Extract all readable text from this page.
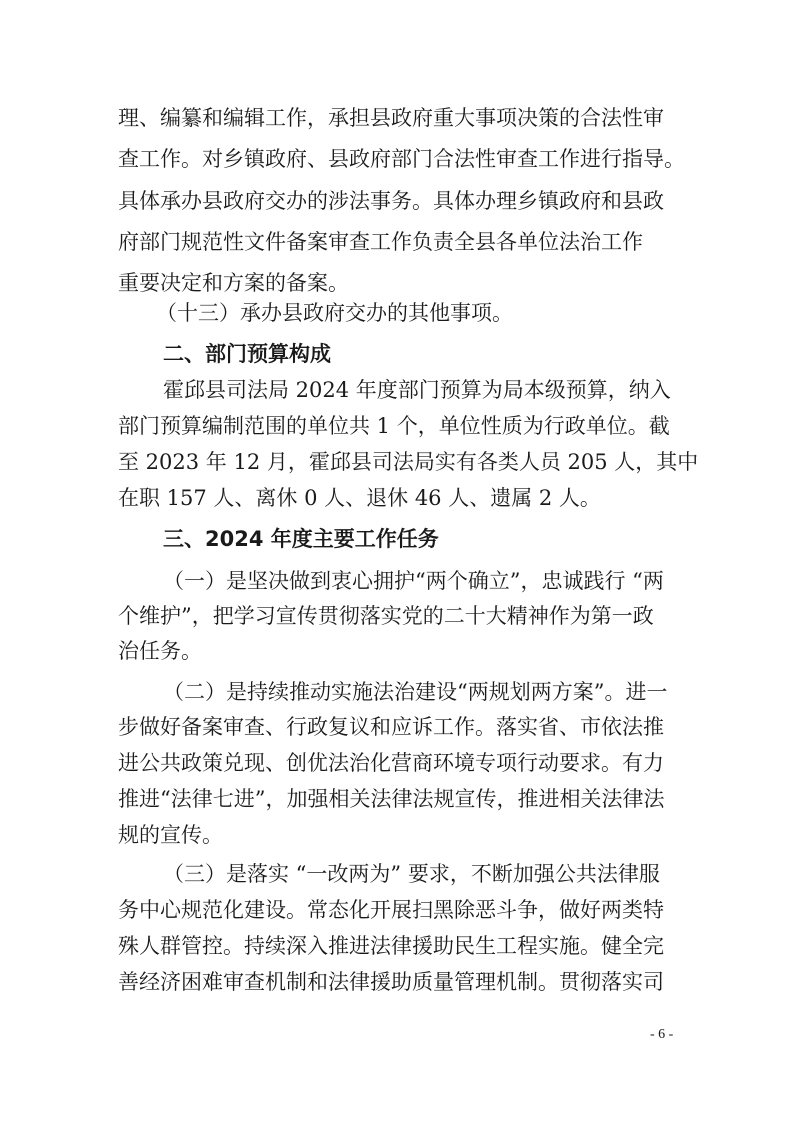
理、编纂和编辑工作，承担县政府重大事项决策的合法性审
查工作。对乡镇政府、县政府部门合法性审查工作进行指导。
具体承办县政府交办的涉法事务。具体办理乡镇政府和县政
府部门规范性文件备案审查工作负责全县各单位法治工作
重要决定和方案的备案。
（十三）承办县政府交办的其他事项。
二、部门预算构成
霍邱县司法局 2024 年度部门预算为局本级预算，纳入
部门预算编制范围的单位共 1 个，单位性质为行政单位。截
至 2023 年 12 月，霍邱县司法局实有各类人员 205 人，其中
在职 157 人、离休 0 人、退休 46 人、遗属 2 人。
三、2024 年度主要工作任务
（一）是坚决做到衷心拥护“两个确立”，忠诚践行 “两
个维护”，把学习宣传贯彻落实党的二十大精神作为第一政
治任务。
（二）是持续推动实施法治建设“两规划两方案”。进一
步做好备案审查、行政复议和应诉工作。落实省、市依法推
进公共政策兑现、创优法治化营商环境专项行动要求。有力
推进“法律七进”，加强相关法律法规宣传，推进相关法律法
规的宣传。
（三）是落实 “一改两为” 要求，不断加强公共法律服
务中心规范化建设。常态化开展扫黑除恶斗争，做好两类特
殊人群管控。持续深入推进法律援助民生工程实施。健全完
善经济困难审查机制和法律援助质量管理机制。贯彻落实司
- 6 -
